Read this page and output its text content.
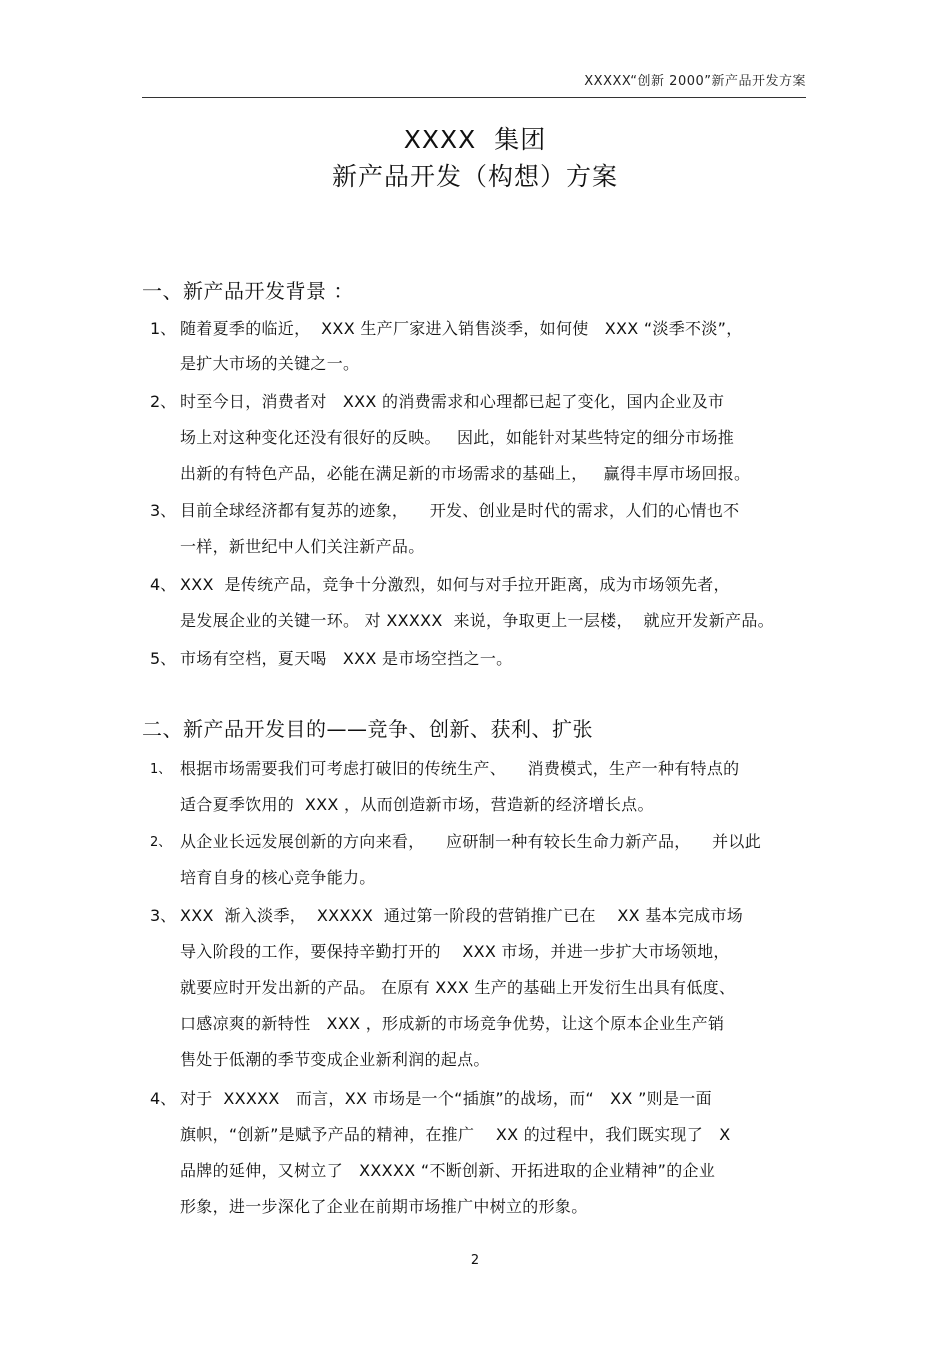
XXXXX“创新 2000”新产品开发方案
XXXX  集团
新产品开发（构想）方案
一、新产品开发背景 ：
1、 随着夏季的临近，  XXX 生产厂家进入销售淡季，如何使   XXX “淡季不淡”，
是扩大市场的关键之一。
2、 时至今日，消费者对   XXX 的消费需求和心理都已起了变化，国内企业及市
场上对这种变化还没有很好的反映。   因此，如能针对某些特定的细分市场推
出新的有特色产品，必能在满足新的市场需求的基础上，   赢得丰厚市场回报。
3、 目前全球经济都有复苏的迹象，    开发、创业是时代的需求，人们的心情也不
一样，新世纪中人们关注新产品。
4、 XXX  是传统产品，竞争十分激烈，如何与对手拉开距离，成为市场领先者，
是发展企业的关键一环。 对 XXXXX  来说，争取更上一层楼，  就应开发新产品。
5、 市场有空档，夏天喝   XXX 是市场空挡之一。
二、新产品开发目的——竞争、创新、获利、扩张
1、 根据市场需要我们可考虑打破旧的传统生产、    消费模式，生产一种有特点的
适合夏季饮用的  XXX ，从而创造新市场，营造新的经济增长点。
2、 从企业长远发展创新的方向来看，    应研制一种有较长生命力新产品，    并以此
培育自身的核心竞争能力。
3、 XXX  渐入淡季，  XXXXX  通过第一阶段的营销推广已在    XX 基本完成市场
导入阶段的工作，要保持辛勤打开的    XXX 市场，并进一步扩大市场领地，
就要应时开发出新的产品。 在原有 XXX 生产的基础上开发衍生出具有低度、
口感凉爽的新特性   XXX ，形成新的市场竞争优势，让这个原本企业生产销
售处于低潮的季节变成企业新利润的起点。
4、 对于  XXXXX   而言，XX 市场是一个“插旗”的战场，而“   XX ”则是一面
旗帜，“创新”是赋予产品的精神，在推广    XX 的过程中，我们既实现了   X
品牌的延伸，又树立了   XXXXX “不断创新、开拓进取的企业精神”的企业
形象，进一步深化了企业在前期市场推广中树立的形象。
2
